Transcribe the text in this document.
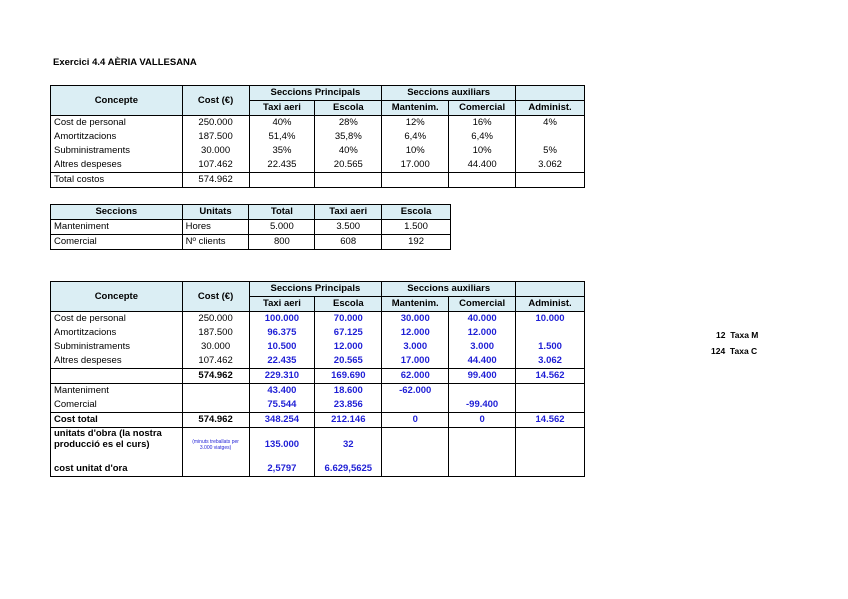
Exercici 4.4 AÈRIA VALLESANA
Concepte	Cost (€)	Seccions Principals		Seccions auxiliars		
		Taxi aeri	Escola	Mantenim.	Comercial	Administ.
Cost de personal	250.000	40%	28%	12%	16%	4%
Amortitzacions	187.500	51,4%	35,8%	6,4%	6,4%	
Subministraments	30.000	35%	40%	10%	10%	5%
Altres despeses	107.462	22.435	20.565	17.000	44.400	3.062
Total costos	574.962					
Seccions	Unitats	Total	Taxi aeri	Escola
Manteniment	Hores	5.000	3.500	1.500
Comercial	Nº clients	800	608	192
Concepte	Cost (€)	Seccions Principals		Seccions auxiliars		
		Taxi aeri	Escola	Mantenim.	Comercial	Administ.
Cost de personal	250.000	100.000	70.000	30.000	40.000	10.000
Amortitzacions	187.500	96.375	67.125	12.000	12.000	
Subministraments	30.000	10.500	12.000	3.000	3.000	1.500
Altres despeses	107.462	22.435	20.565	17.000	44.400	3.062
	574.962	229.310	169.690	62.000	99.400	14.562
Manteniment		43.400	18.600	-62.000		
Comercial		75.544	23.856		-99.400	
Cost total	574.962	348.254	212.146	0	0	14.562
unitats d'obra (la nostra producció es el curs)	(minuts treballats per 3.000 viatges)	135.000	32			
cost unitat d'ora		2,5797	6.629,5625			
12 Taxa M
124 Taxa C
